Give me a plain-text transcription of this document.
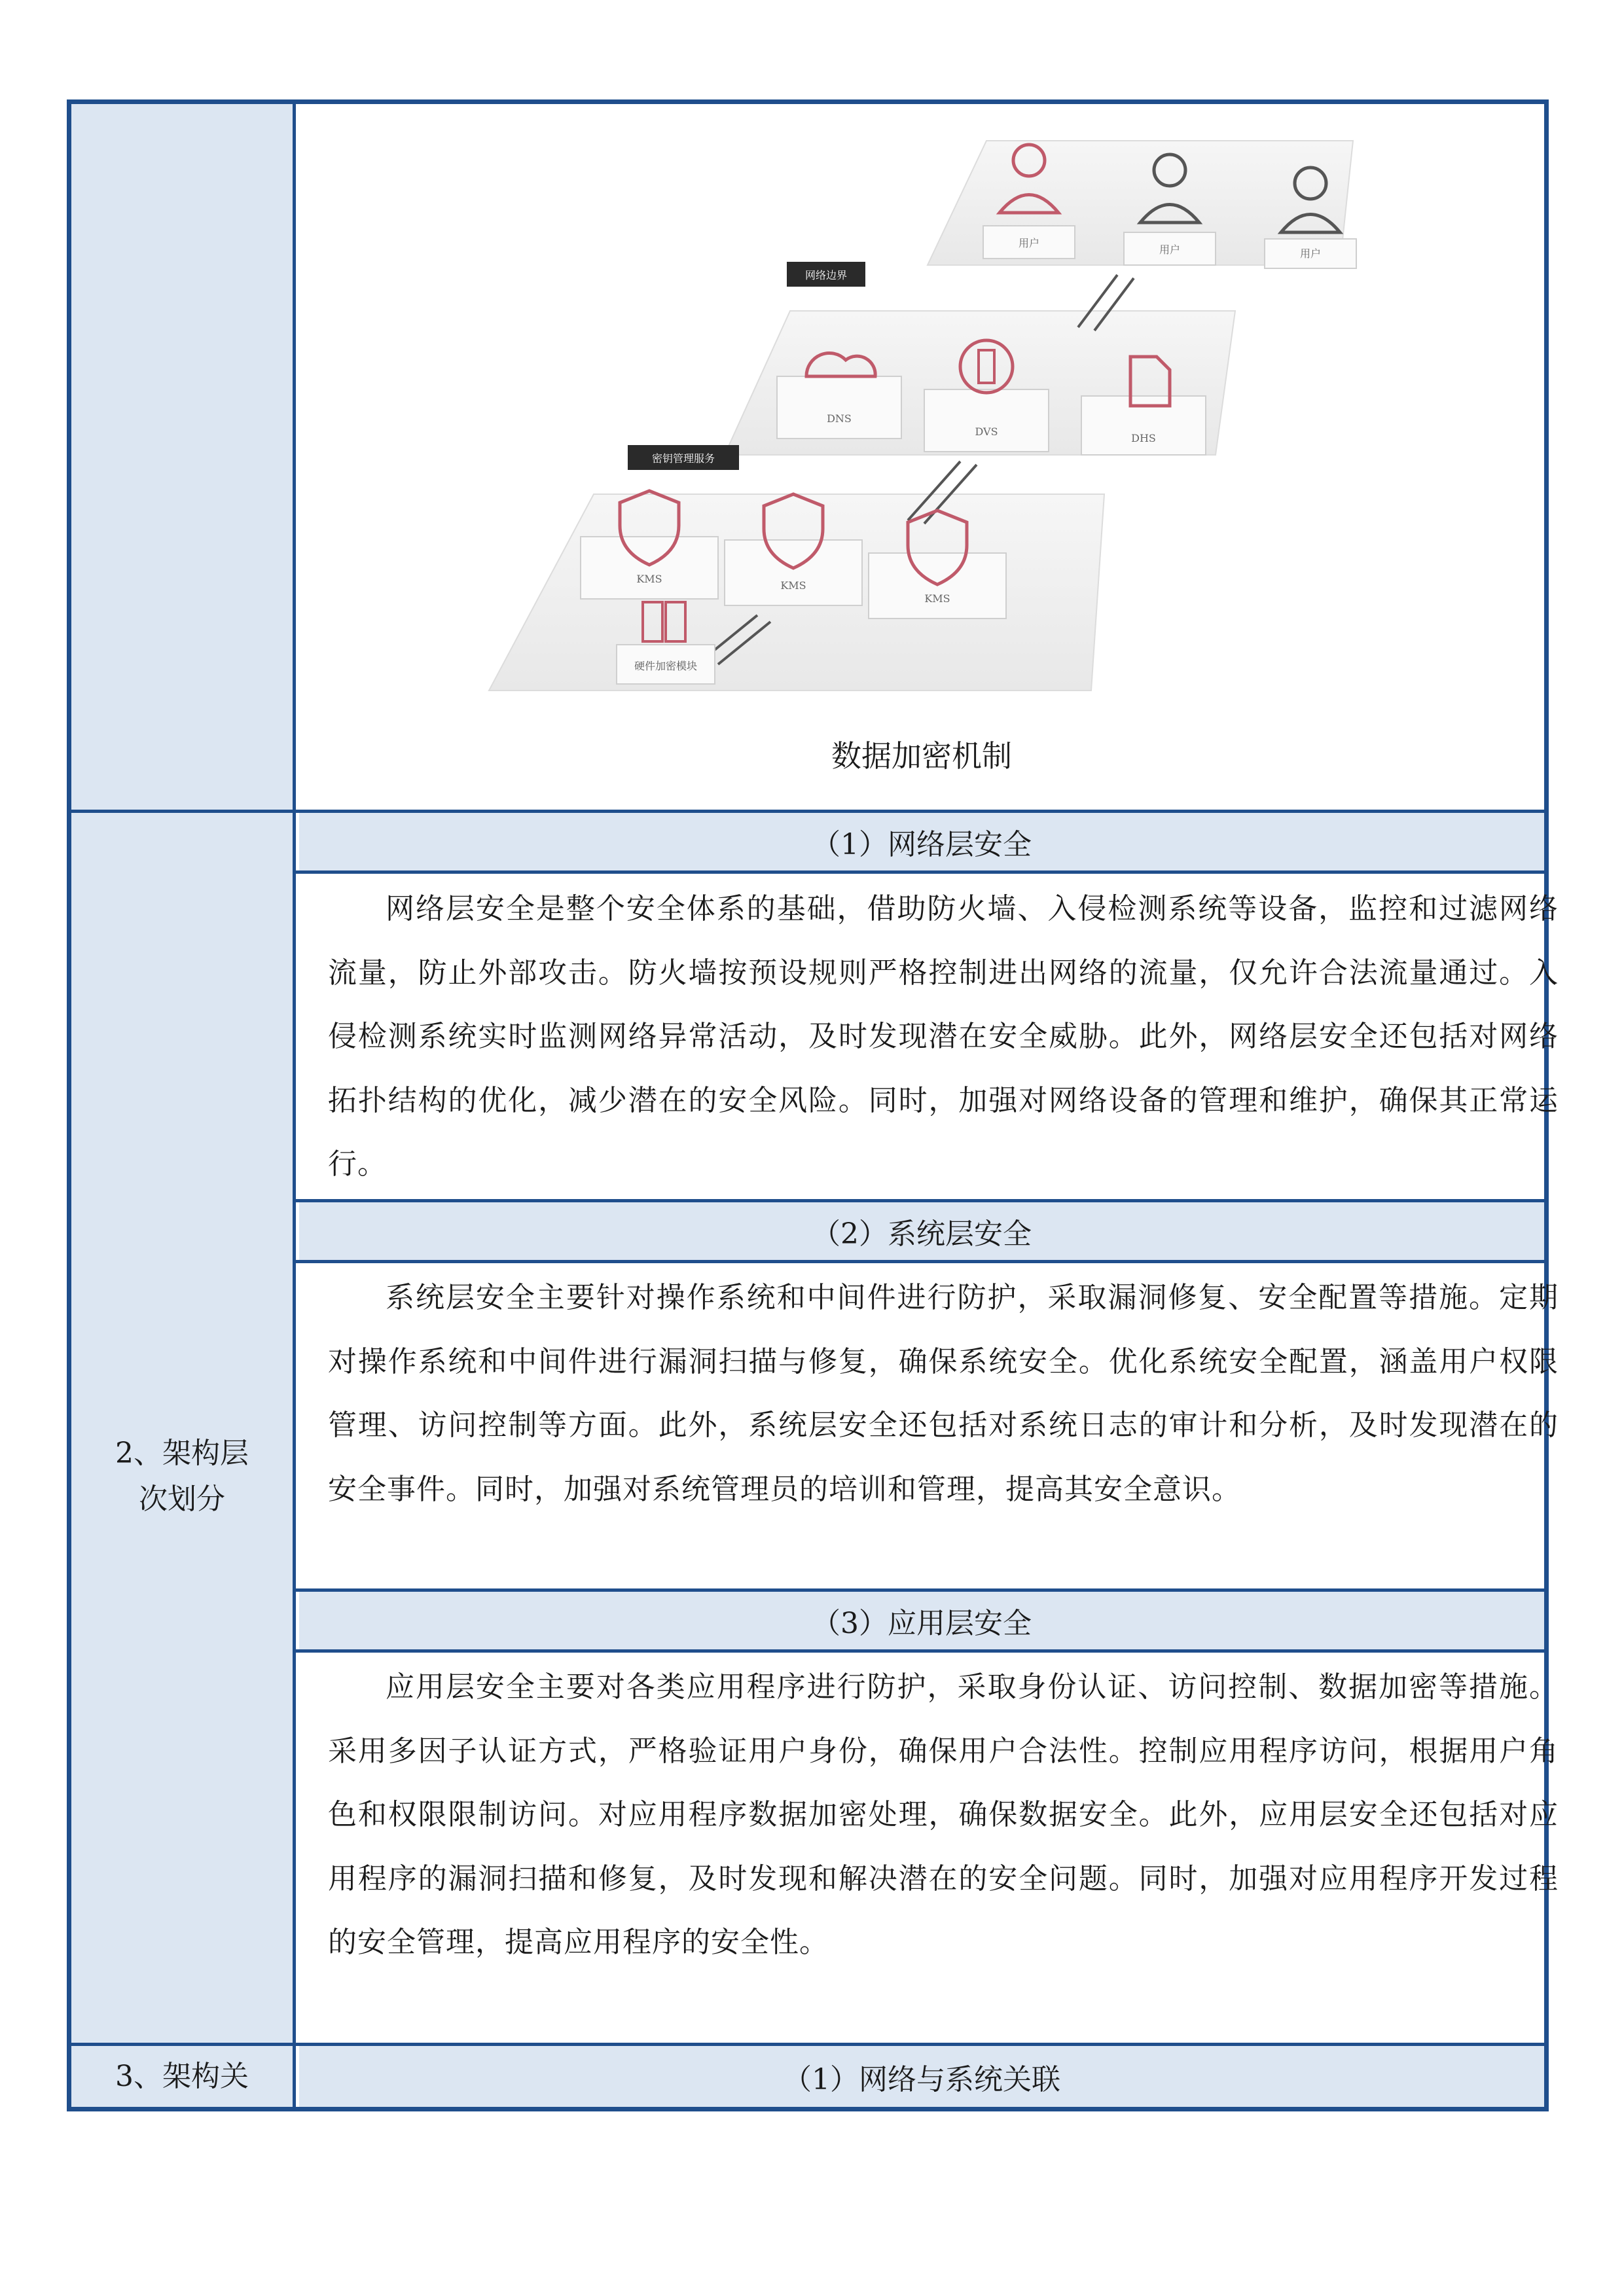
用户
用户	用户
网络边界
DNS
DVS
DHS
密钥管理服务
KMS
KMS
KMS
硬件加密模块
数据加密机制
2、架构层
次划分
（1）网络层安全
网络层安全是整个安全体系的基础，借助防火墙、入侵检测系统等设备，监控和过滤网络流量，防止外部攻击。防火墙按预设规则严格控制进出网络的流量，仅允许合法流量通过。入侵检测系统实时监测网络异常活动，及时发现潜在安全威胁。此外，网络层安全还包括对网络拓扑结构的优化，减少潜在的安全风险。同时，加强对网络设备的管理和维护，确保其正常运行。
（2）系统层安全
系统层安全主要针对操作系统和中间件进行防护，采取漏洞修复、安全配置等措施。定期对操作系统和中间件进行漏洞扫描与修复，确保系统安全。优化系统安全配置，涵盖用户权限管理、访问控制等方面。此外，系统层安全还包括对系统日志的审计和分析，及时发现潜在的安全事件。同时，加强对系统管理员的培训和管理，提高其安全意识。
（3）应用层安全
应用层安全主要对各类应用程序进行防护，采取身份认证、访问控制、数据加密等措施。采用多因子认证方式，严格验证用户身份，确保用户合法性。控制应用程序访问，根据用户角色和权限限制访问。对应用程序数据加密处理，确保数据安全。此外，应用层安全还包括对应用程序的漏洞扫描和修复，及时发现和解决潜在的安全问题。同时，加强对应用程序开发过程的安全管理，提高应用程序的安全性。
3、架构关	（1）网络与系统关联
